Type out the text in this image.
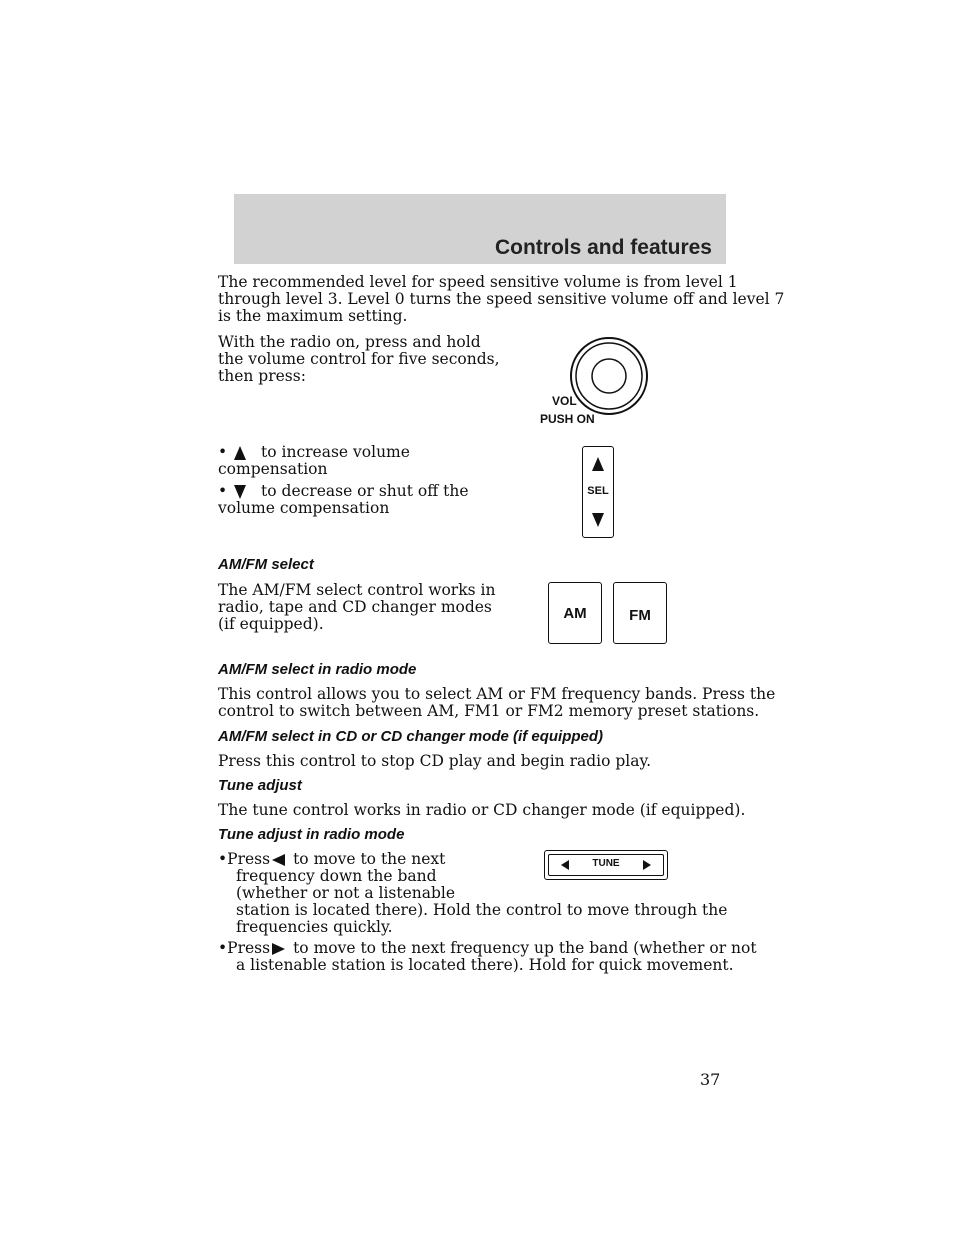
Controls and features
The recommended level for speed sensitive volume is from level 1
through level 3. Level 0 turns the speed sensitive volume off and level 7
is the maximum setting.
With the radio on, press and hold
the volume control for five seconds,
then press:
VOL
PUSH ON
• to increase volume
compensation
• to decrease or shut off the
volume compensation
SEL
AM/FM select
The AM/FM select control works in
radio, tape and CD changer modes
(if equipped).
AM	FM
AM/FM select in radio mode
This control allows you to select AM or FM frequency bands. Press the
control to switch between AM, FM1 or FM2 memory preset stations.
AM/FM select in CD or CD changer mode (if equipped)
Press this control to stop CD play and begin radio play.
Tune adjust
The tune control works in radio or CD changer mode (if equipped).
Tune adjust in radio mode
•Press to move to the next
frequency down the band
(whether or not a listenable
station is located there). Hold the control to move through the
frequencies quickly.
•Press to move to the next frequency up the band (whether or not
a listenable station is located there). Hold for quick movement.
TUNE
37
